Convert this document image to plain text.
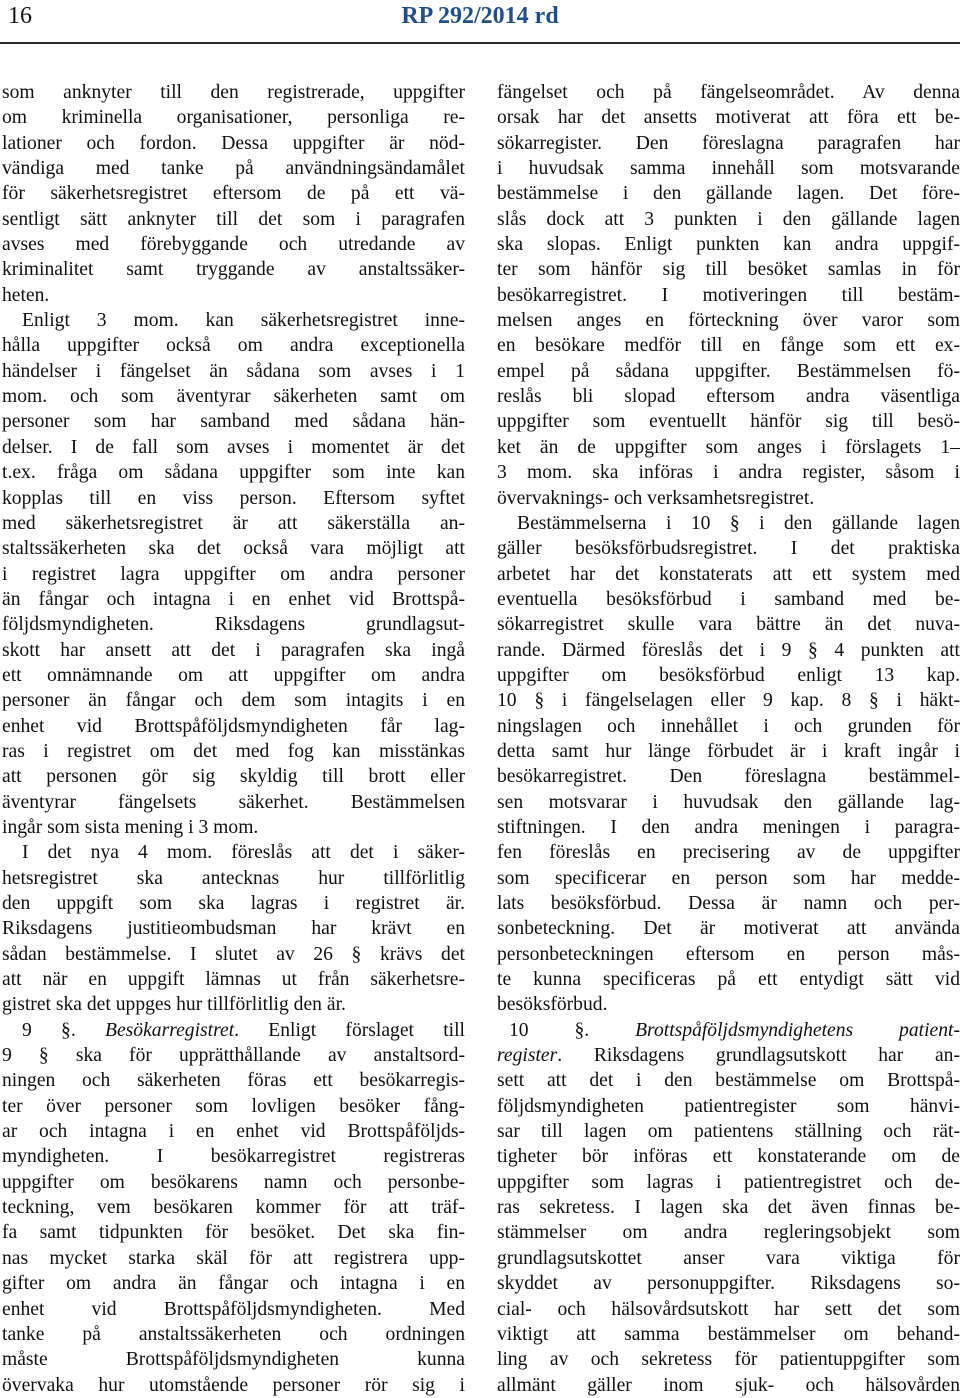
16	RP 292/2014 rd
som anknyter till den registrerade, uppgifter
om kriminella organisationer, personliga re-
lationer och fordon. Dessa uppgifter är nöd-
vändiga med tanke på användningsändamålet
för säkerhetsregistret eftersom de på ett vä-
sentligt sätt anknyter till det som i paragrafen
avses med förebyggande och utredande av
kriminalitet samt tryggande av anstaltssäker-
heten.
Enligt 3 mom. kan säkerhetsregistret inne-
hålla uppgifter också om andra exceptionella
händelser i fängelset än sådana som avses i 1
mom. och som äventyrar säkerheten samt om
personer som har samband med sådana hän-
delser. I de fall som avses i momentet är det
t.ex. fråga om sådana uppgifter som inte kan
kopplas till en viss person. Eftersom syftet
med säkerhetsregistret är att säkerställa an-
staltssäkerheten ska det också vara möjligt att
i registret lagra uppgifter om andra personer
än fångar och intagna i en enhet vid Brottspå-
följdsmyndigheten. Riksdagens grundlagsut-
skott har ansett att det i paragrafen ska ingå
ett omnämnande om att uppgifter om andra
personer än fångar och dem som intagits i en
enhet vid Brottspåföljdsmyndigheten får lag-
ras i registret om det med fog kan misstänkas
att personen gör sig skyldig till brott eller
äventyrar fängelsets säkerhet. Bestämmelsen
ingår som sista mening i 3 mom.
I det nya 4 mom. föreslås att det i säker-
hetsregistret ska antecknas hur tillförlitlig
den uppgift som ska lagras i registret är.
Riksdagens justitieombudsman har krävt en
sådan bestämmelse. I slutet av 26 § krävs det
att när en uppgift lämnas ut från säkerhetsre-
gistret ska det uppges hur tillförlitlig den är.
9 §. Besökarregistret. Enligt förslaget till
9 § ska för upprätthållande av anstaltsord-
ningen och säkerheten föras ett besökarregis-
ter över personer som lovligen besöker fång-
ar och intagna i en enhet vid Brottspåföljds-
myndigheten. I besökarregistret registreras
uppgifter om besökarens namn och personbe-
teckning, vem besökaren kommer för att träf-
fa samt tidpunkten för besöket. Det ska fin-
nas mycket starka skäl för att registrera upp-
gifter om andra än fångar och intagna i en
enhet vid Brottspåföljdsmyndigheten. Med
tanke på anstaltssäkerheten och ordningen
måste Brottspåföljdsmyndigheten kunna
övervaka hur utomstående personer rör sig i
fängelset och på fängelseområdet. Av denna
orsak har det ansetts motiverat att föra ett be-
sökarregister. Den föreslagna paragrafen har
i huvudsak samma innehåll som motsvarande
bestämmelse i den gällande lagen. Det före-
slås dock att 3 punkten i den gällande lagen
ska slopas. Enligt punkten kan andra uppgif-
ter som hänför sig till besöket samlas in för
besökarregistret. I motiveringen till bestäm-
melsen anges en förteckning över varor som
en besökare medför till en fånge som ett ex-
empel på sådana uppgifter. Bestämmelsen fö-
reslås bli slopad eftersom andra väsentliga
uppgifter som eventuellt hänför sig till besö-
ket än de uppgifter som anges i förslagets 1–
3 mom. ska införas i andra register, såsom i
övervaknings- och verksamhetsregistret.
Bestämmelserna i 10 § i den gällande lagen
gäller besöksförbudsregistret. I det praktiska
arbetet har det konstaterats att ett system med
eventuella besöksförbud i samband med be-
sökarregistret skulle vara bättre än det nuva-
rande. Därmed föreslås det i 9 § 4 punkten att
uppgifter om besöksförbud enligt 13 kap.
10 § i fängelselagen eller 9 kap. 8 § i häkt-
ningslagen och innehållet i och grunden för
detta samt hur länge förbudet är i kraft ingår i
besökarregistret. Den föreslagna bestämmel-
sen motsvarar i huvudsak den gällande lag-
stiftningen. I den andra meningen i paragra-
fen föreslås en precisering av de uppgifter
som specificerar en person som har medde-
lats besöksförbud. Dessa är namn och per-
sonbeteckning. Det är motiverat att använda
personbeteckningen eftersom en person mås-
te kunna specificeras på ett entydigt sätt vid
besöksförbud.
10 §. Brottspåföljdsmyndighetens patient-
register. Riksdagens grundlagsutskott har an-
sett att det i den bestämmelse om Brottspå-
följdsmyndigheten patientregister som hänvi-
sar till lagen om patientens ställning och rät-
tigheter bör införas ett konstaterande om de
uppgifter som lagras i patientregistret och de-
ras sekretess. I lagen ska det även finnas be-
stämmelser om andra regleringsobjekt som
grundlagsutskottet anser vara viktiga för
skyddet av personuppgifter. Riksdagens so-
cial- och hälsovårdsutskott har sett det som
viktigt att samma bestämmelser om behand-
ling av och sekretess för patientuppgifter som
allmänt gäller inom sjuk- och hälsovården
